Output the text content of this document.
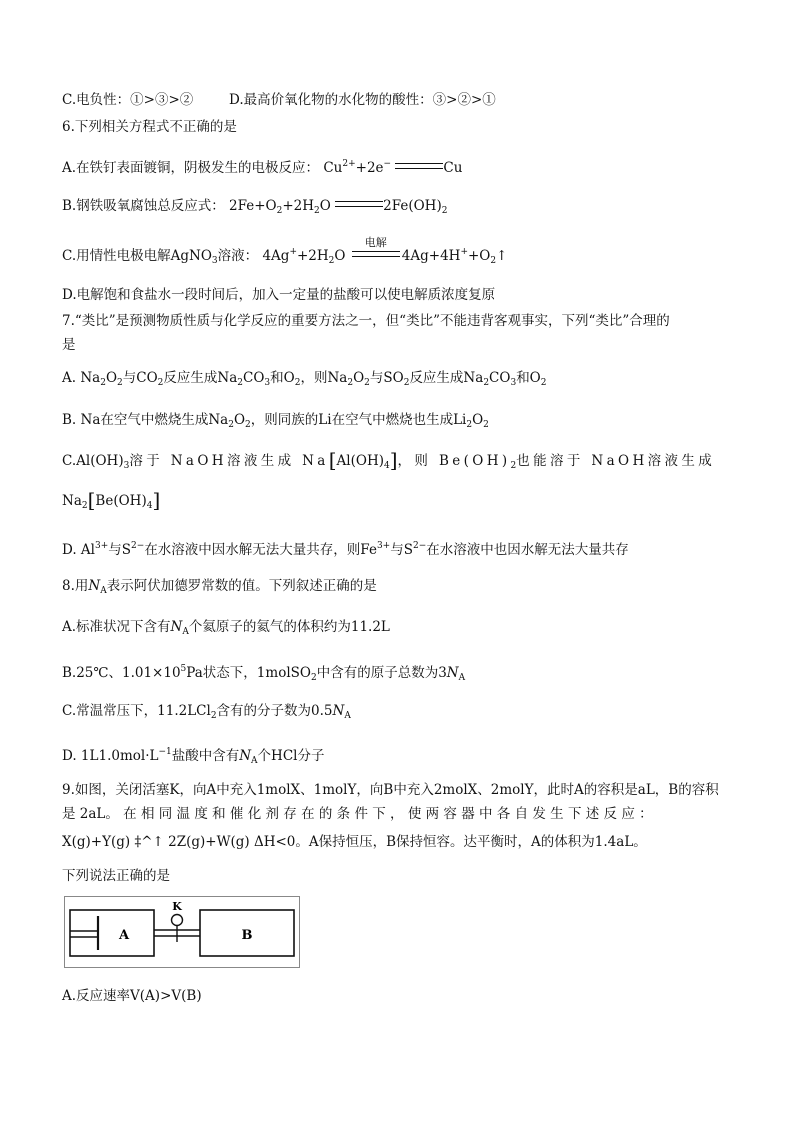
C.电负性：①>③>②	D.最高价氧化物的水化物的酸性：③>②>①
6.下列相关方程式不正确的是
A.在铁钉表面镀铜，阴极发生的电极反应： $Cu^{2+}+2e^-$	Cu
B.钢铁吸氧腐蚀总反应式： $2Fe+O_2+2H_2O$	$2Fe(OH)_2$
C.用情性电极电解AgNO$_3$溶液： $4Ag^++2H_2O$
电解
$4Ag+4H^++O_2↑$
D.电解饱和食盐水一段时间后，加入一定量的盐酸可以使电解质浓度复原
7.“类比”是预测物质性质与化学反应的重要方法之一，但“类比”不能违背客观事实，下列“类比”合理的
是
A. $Na_2O_2$与$CO_2$反应生成$Na_2CO_3$和$O_2$，则$Na_2O_2$与$SO_2$反应生成$Na_2CO_3$和$O_2$
B. Na在空气中燃烧生成$Na_2O_2$，则同族的Li在空气中燃烧也生成$Li_2O_2$
$C.Al(OH)_3$溶于 NaOH溶液生成 $Na[Al(OH)_4]$，则 $Be(OH)_2$也能溶于 NaOH溶液生成
$Na_2[Be(OH)_4]$
D. $Al^{3+}$与$S^{2-}$在水溶液中因水解无法大量共存，则$Fe^{3+}$与$S^{2-}$在水溶液中也因水解无法大量共存
8.用$N_A$表示阿伏加德罗常数的值。下列叙述正确的是
A.标准状况下含有$N_A$个氦原子的氦气的体积约为11.2L
B.25℃、$1.01\times 10^5Pa$状态下，1molSO$_2$中含有的原子总数为$3N_A$
C.常温常压下，11.2LCl$_2$含有的分子数为$0.5N_A$
D. $1L1.0mol\cdot L^{-1}$盐酸中含有$N_A$个HCl分子
9.如图，关闭活塞K，向A中充入1molX、1molY，向B中充入2molX、2molY，此时A的容积是aL，B的容积
是 2aL。 在 相 同 温 度 和 催 化 剂 存 在 的 条 件 下 ， 使 两 容 器 中 各 自 发 生 下 述 反 应 ：
X(g)+Y(g) ‡^↑ 2Z(g)+W(g) ΔH<0。A保持恒压，B保持恒容。达平衡时，A的体积为1.4aL。
下列说法正确的是
A
K
B
A.反应速率V(A)>V(B)
